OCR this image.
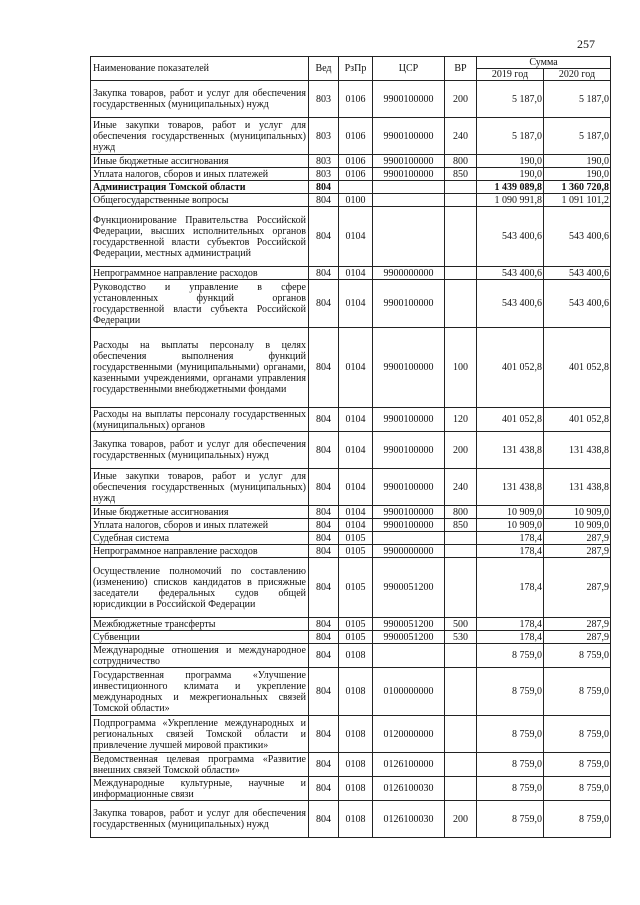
257
Наименование показателей	Вед	РзПр	ЦСР	ВР	Сумма	
					2019 год	2020 год
Закупка товаров, работ и услуг для обеспечения государственных (муниципальных) нужд	803	0106	9900100000	200	5 187,0	5 187,0
Иные закупки товаров, работ и услуг для обеспечения государственных (муниципальных) нужд	803	0106	9900100000	240	5 187,0	5 187,0
Иные бюджетные ассигнования	803	0106	9900100000	800	190,0	190,0
Уплата налогов, сборов и иных платежей	803	0106	9900100000	850	190,0	190,0
Администрация Томской области	804				1 439 089,8	1 360 720,8
Общегосударственные вопросы	804	0100			1 090 991,8	1 091 101,2
Функционирование Правительства Российской Федерации, высших исполнительных органов государственной власти субъектов Российской Федерации, местных администраций	804	0104			543 400,6	543 400,6
Непрограммное направление расходов	804	0104	9900000000		543 400,6	543 400,6
Руководство и управление в сфере установленных функций органов государственной власти субъекта Российской Федерации	804	0104	9900100000		543 400,6	543 400,6
Расходы на выплаты персоналу в целях обеспечения выполнения функций государственными (муниципальными) органами, казенными учреждениями, органами управления государственными внебюджетными фондами	804	0104	9900100000	100	401 052,8	401 052,8
Расходы на выплаты персоналу государственных (муниципальных) органов	804	0104	9900100000	120	401 052,8	401 052,8
Закупка товаров, работ и услуг для обеспечения государственных (муниципальных) нужд	804	0104	9900100000	200	131 438,8	131 438,8
Иные закупки товаров, работ и услуг для обеспечения государственных (муниципальных) нужд	804	0104	9900100000	240	131 438,8	131 438,8
Иные бюджетные ассигнования	804	0104	9900100000	800	10 909,0	10 909,0
Уплата налогов, сборов и иных платежей	804	0104	9900100000	850	10 909,0	10 909,0
Судебная система	804	0105			178,4	287,9
Непрограммное направление расходов	804	0105	9900000000		178,4	287,9
Осуществление полномочий по составлению (изменению) списков кандидатов в присяжные заседатели федеральных судов общей юрисдикции в Российской Федерации	804	0105	9900051200		178,4	287,9
Межбюджетные трансферты	804	0105	9900051200	500	178,4	287,9
Субвенции	804	0105	9900051200	530	178,4	287,9
Международные отношения и международное сотрудничество	804	0108			8 759,0	8 759,0
Государственная программа «Улучшение инвестиционного климата и укрепление международных и межрегиональных связей Томской области»	804	0108	0100000000		8 759,0	8 759,0
Подпрограмма «Укрепление международных и региональных связей Томской области и привлечение лучшей мировой практики»	804	0108	0120000000		8 759,0	8 759,0
Ведомственная целевая программа «Развитие внешних связей Томской области»	804	0108	0126100000		8 759,0	8 759,0
Международные культурные, научные и информационные связи	804	0108	0126100030		8 759,0	8 759,0
Закупка товаров, работ и услуг для обеспечения государственных (муниципальных) нужд	804	0108	0126100030	200	8 759,0	8 759,0
